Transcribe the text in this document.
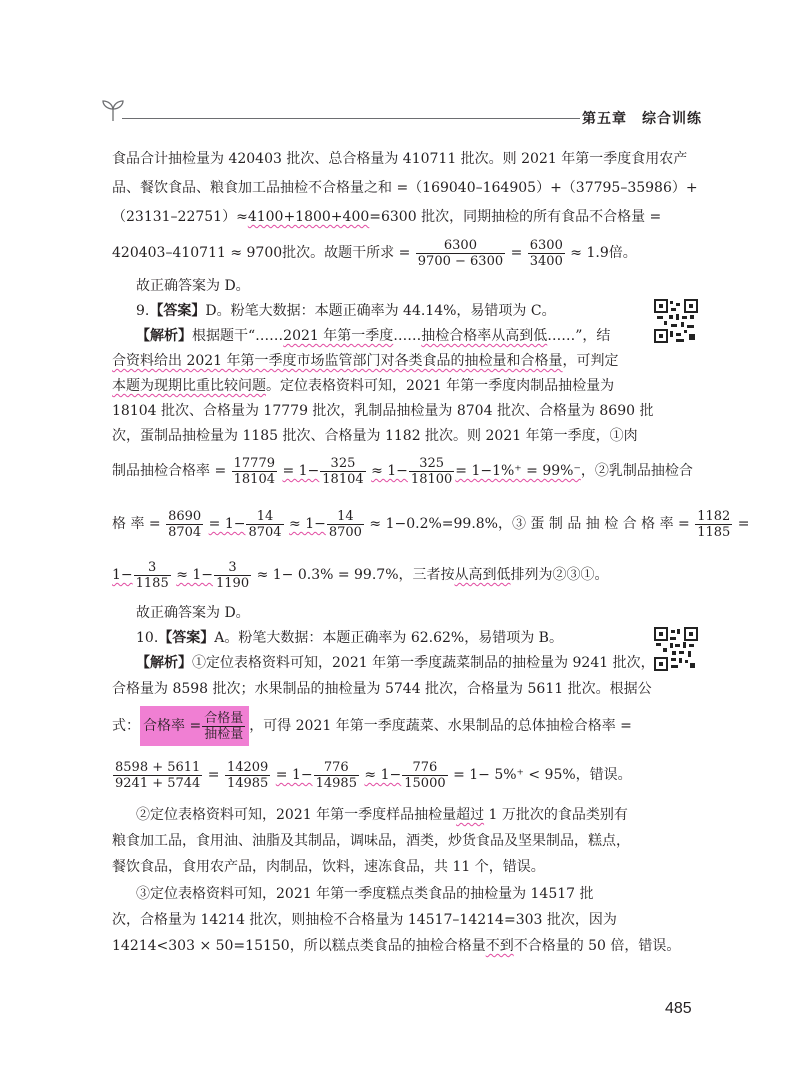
第五章　综合训练
食品合计抽检量为 420403 批次、总合格量为 410711 批次。则 2021 年第一季度食用农产
品、餐饮食品、粮食加工品抽检不合格量之和 =（169040–164905）+（37795–35986）+
（23131–22751）≈4100+1800+400=6300 批次，同期抽检的所有食品不合格量 =
420403–410711 ≈ 9700批次。故题干所求 = $\frac{6300}{9700 - 6300} = \frac{6300}{3400} \approx 1.9$倍。
故正确答案为 D。
9.【答案】D。粉笔大数据：本题正确率为 44.14%，易错项为 C。
【解析】根据题干“……2021 年第一季度……抽检合格率从高到低……”，结
合资料给出 2021 年第一季度市场监管部门对各类食品的抽检量和合格量，可判定
本题为现期比重比较问题。定位表格资料可知，2021 年第一季度肉制品抽检量为
18104 批次、合格量为 17779 批次，乳制品抽检量为 8704 批次、合格量为 8690 批
次，蛋制品抽检量为 1185 批次、合格量为 1182 批次。则 2021 年第一季度，①肉
制品抽检合格率 = $\frac{17779}{18104} = 1- \frac{325}{18104} \approx 1- \frac{325}{18100} = 1-1\%^+ = 99\%^-$，②乳制品抽检合
格 率 = $\frac{8690}{8704} = 1- \frac{14}{8704} \approx 1- \frac{14}{8700} \approx 1-0.2\%=99.8\%$，③ 蛋 制 品 抽 检 合 格 率 = $\frac{1182}{1185}$ =
$1- \frac{3}{1185} \approx 1- \frac{3}{1190} \approx 1- 0.3\% = 99.7\%$，三者按从高到低排列为②③①。
故正确答案为 D。
10.【答案】A。粉笔大数据：本题正确率为 62.62%，易错项为 B。
【解析】①定位表格资料可知，2021 年第一季度蔬菜制品的抽检量为 9241 批次，
合格量为 8598 批次；水果制品的抽检量为 5744 批次，合格量为 5611 批次。根据公
式： 合格率 = $\frac{\text{合格量}}{\text{抽检量}}$ ，可得 2021 年第一季度蔬菜、水果制品的总体抽检合格率 =
$\frac{8598 + 5611}{9241 + 5744} = \frac{14209}{14985} = 1- \frac{776}{14985} \approx 1- \frac{776}{15000} = 1- 5\%^+ < 95\%$，错误。
②定位表格资料可知，2021 年第一季度样品抽检量超过 1 万批次的食品类别有
粮食加工品，食用油、油脂及其制品，调味品，酒类，炒货食品及坚果制品，糕点，
餐饮食品，食用农产品，肉制品，饮料，速冻食品，共 11 个，错误。
③定位表格资料可知，2021 年第一季度糕点类食品的抽检量为 14517 批
次，合格量为 14214 批次，则抽检不合格量为 14517–14214=303 批次，因为
14214<303 × 50=15150，所以糕点类食品的抽检合格量不到不合格量的 50 倍，错误。
485
